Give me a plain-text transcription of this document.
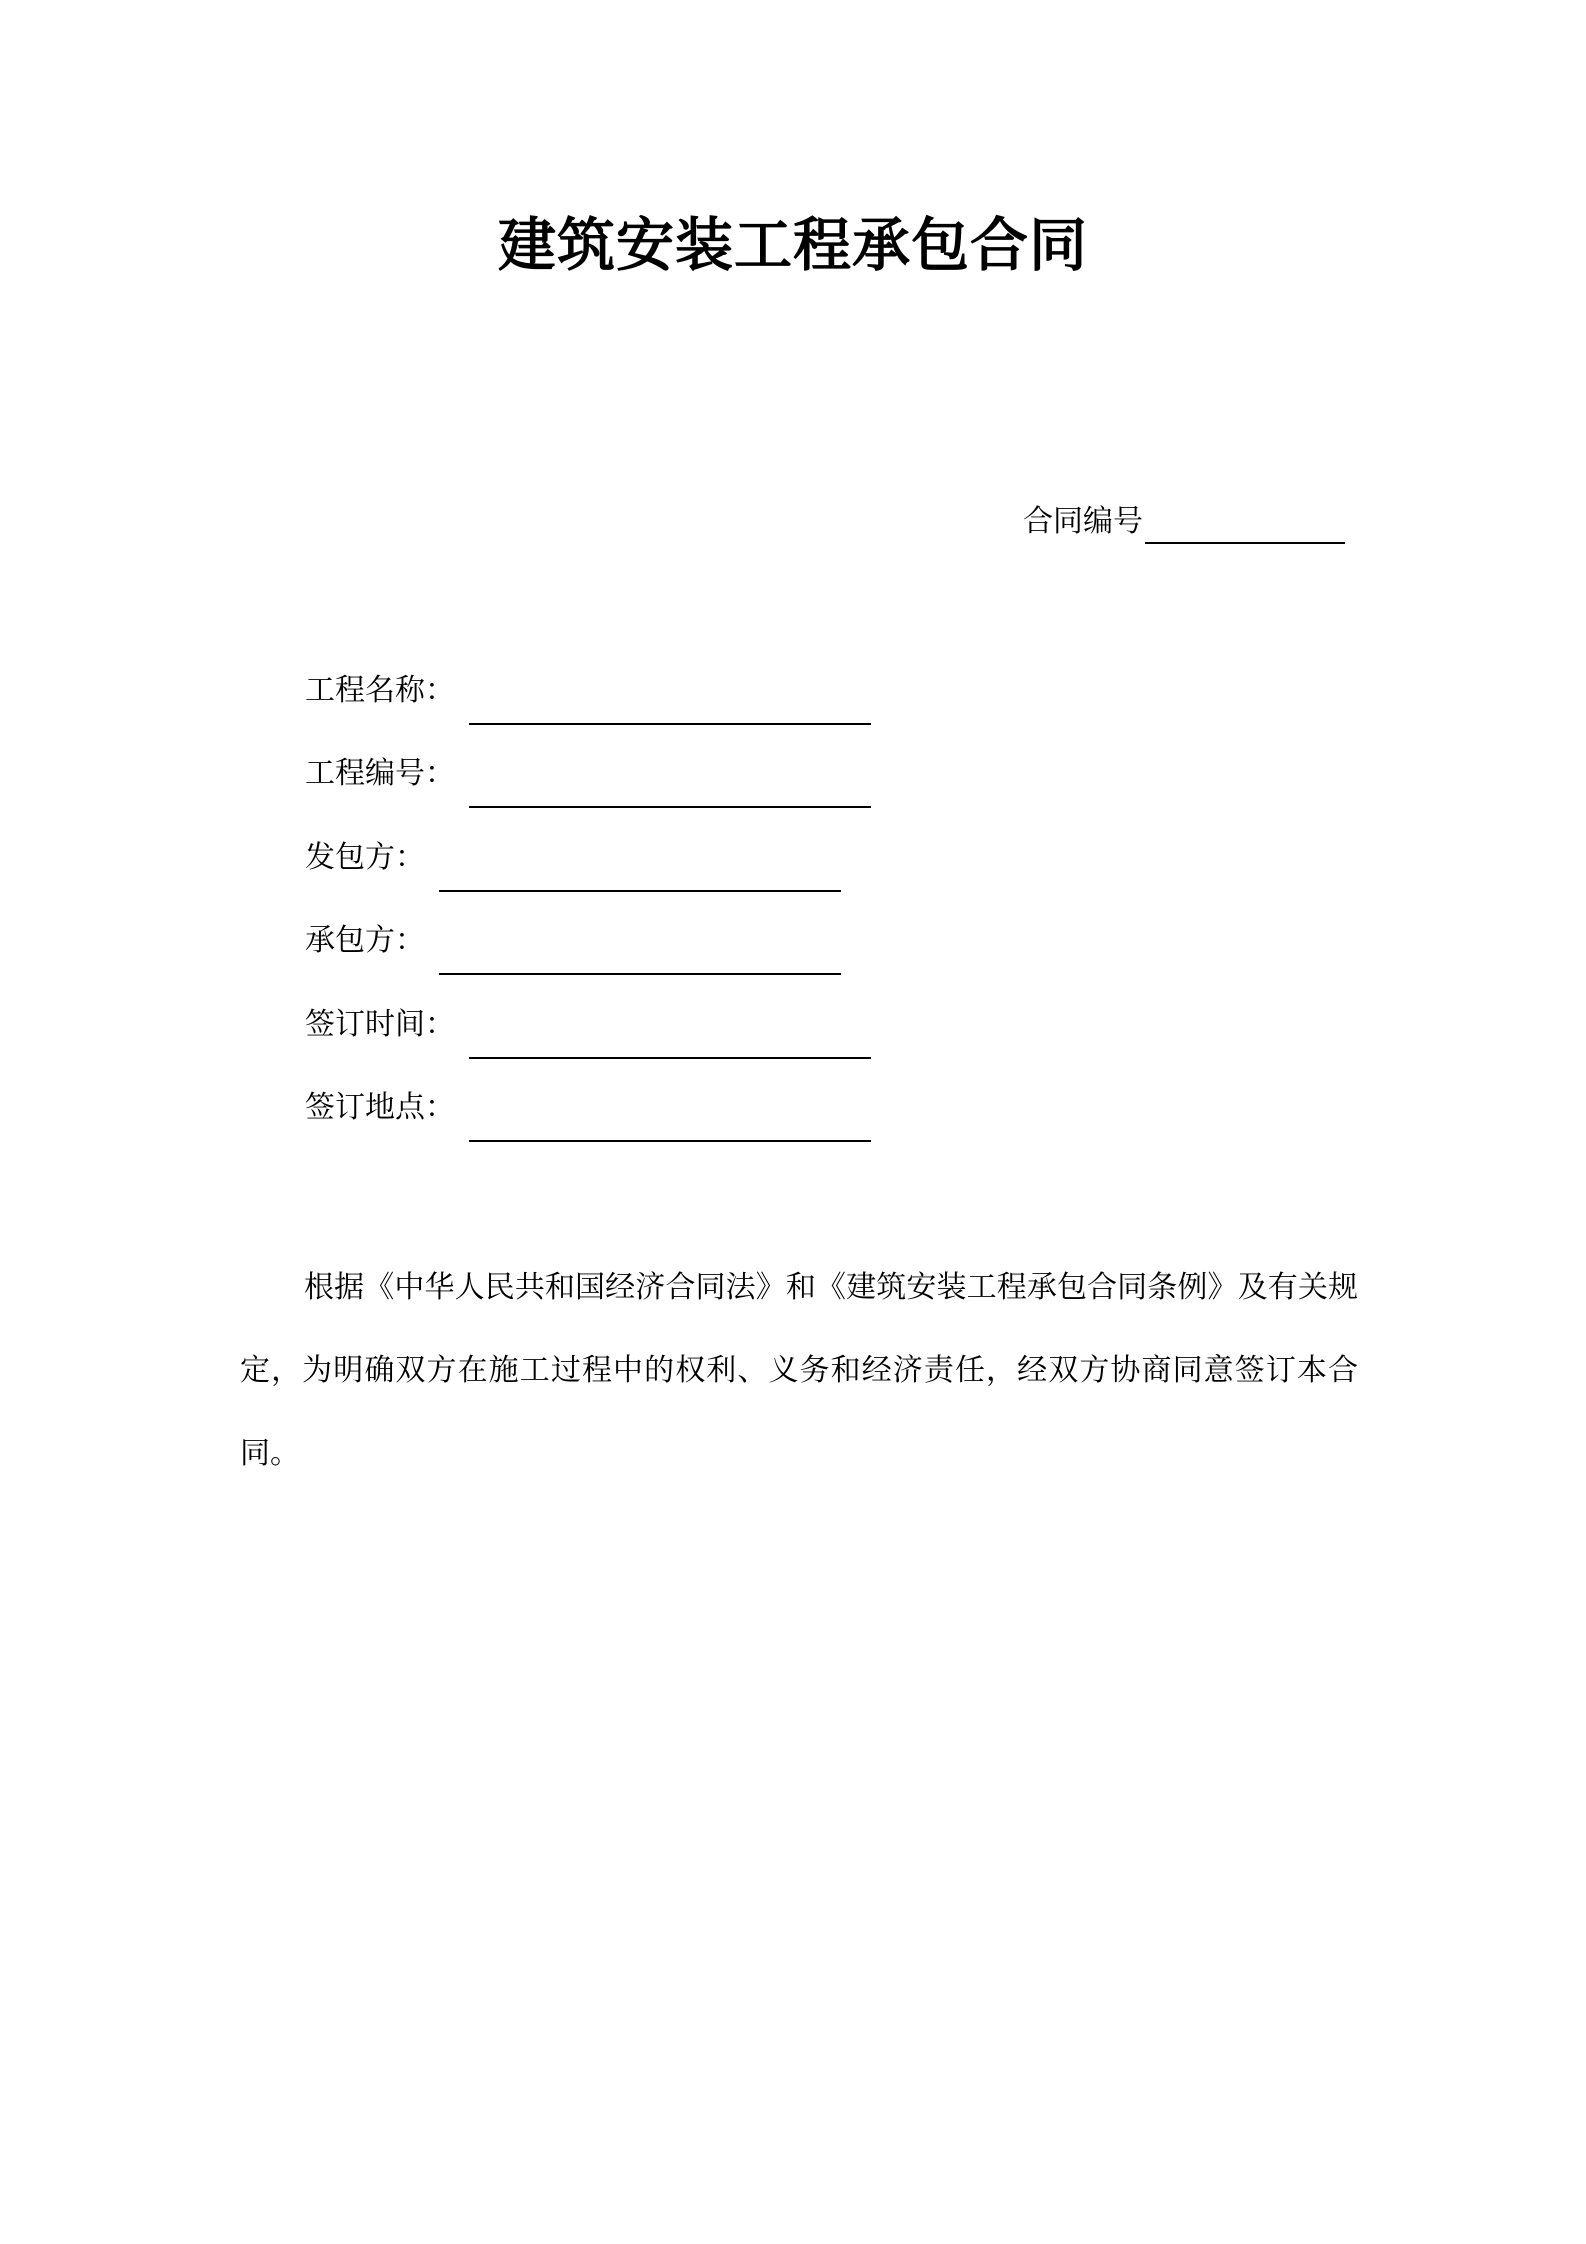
建筑安装工程承包合同
合同编号
工程名称：
工程编号：
发包方：
承包方：
签订时间：
签订地点：
根据《中华人民共和国经济合同法》和《建筑安装工程承包合同条例》及有关规定，为明确双方在施工过程中的权利、义务和经济责任，经双方协商同意签订本合同。
